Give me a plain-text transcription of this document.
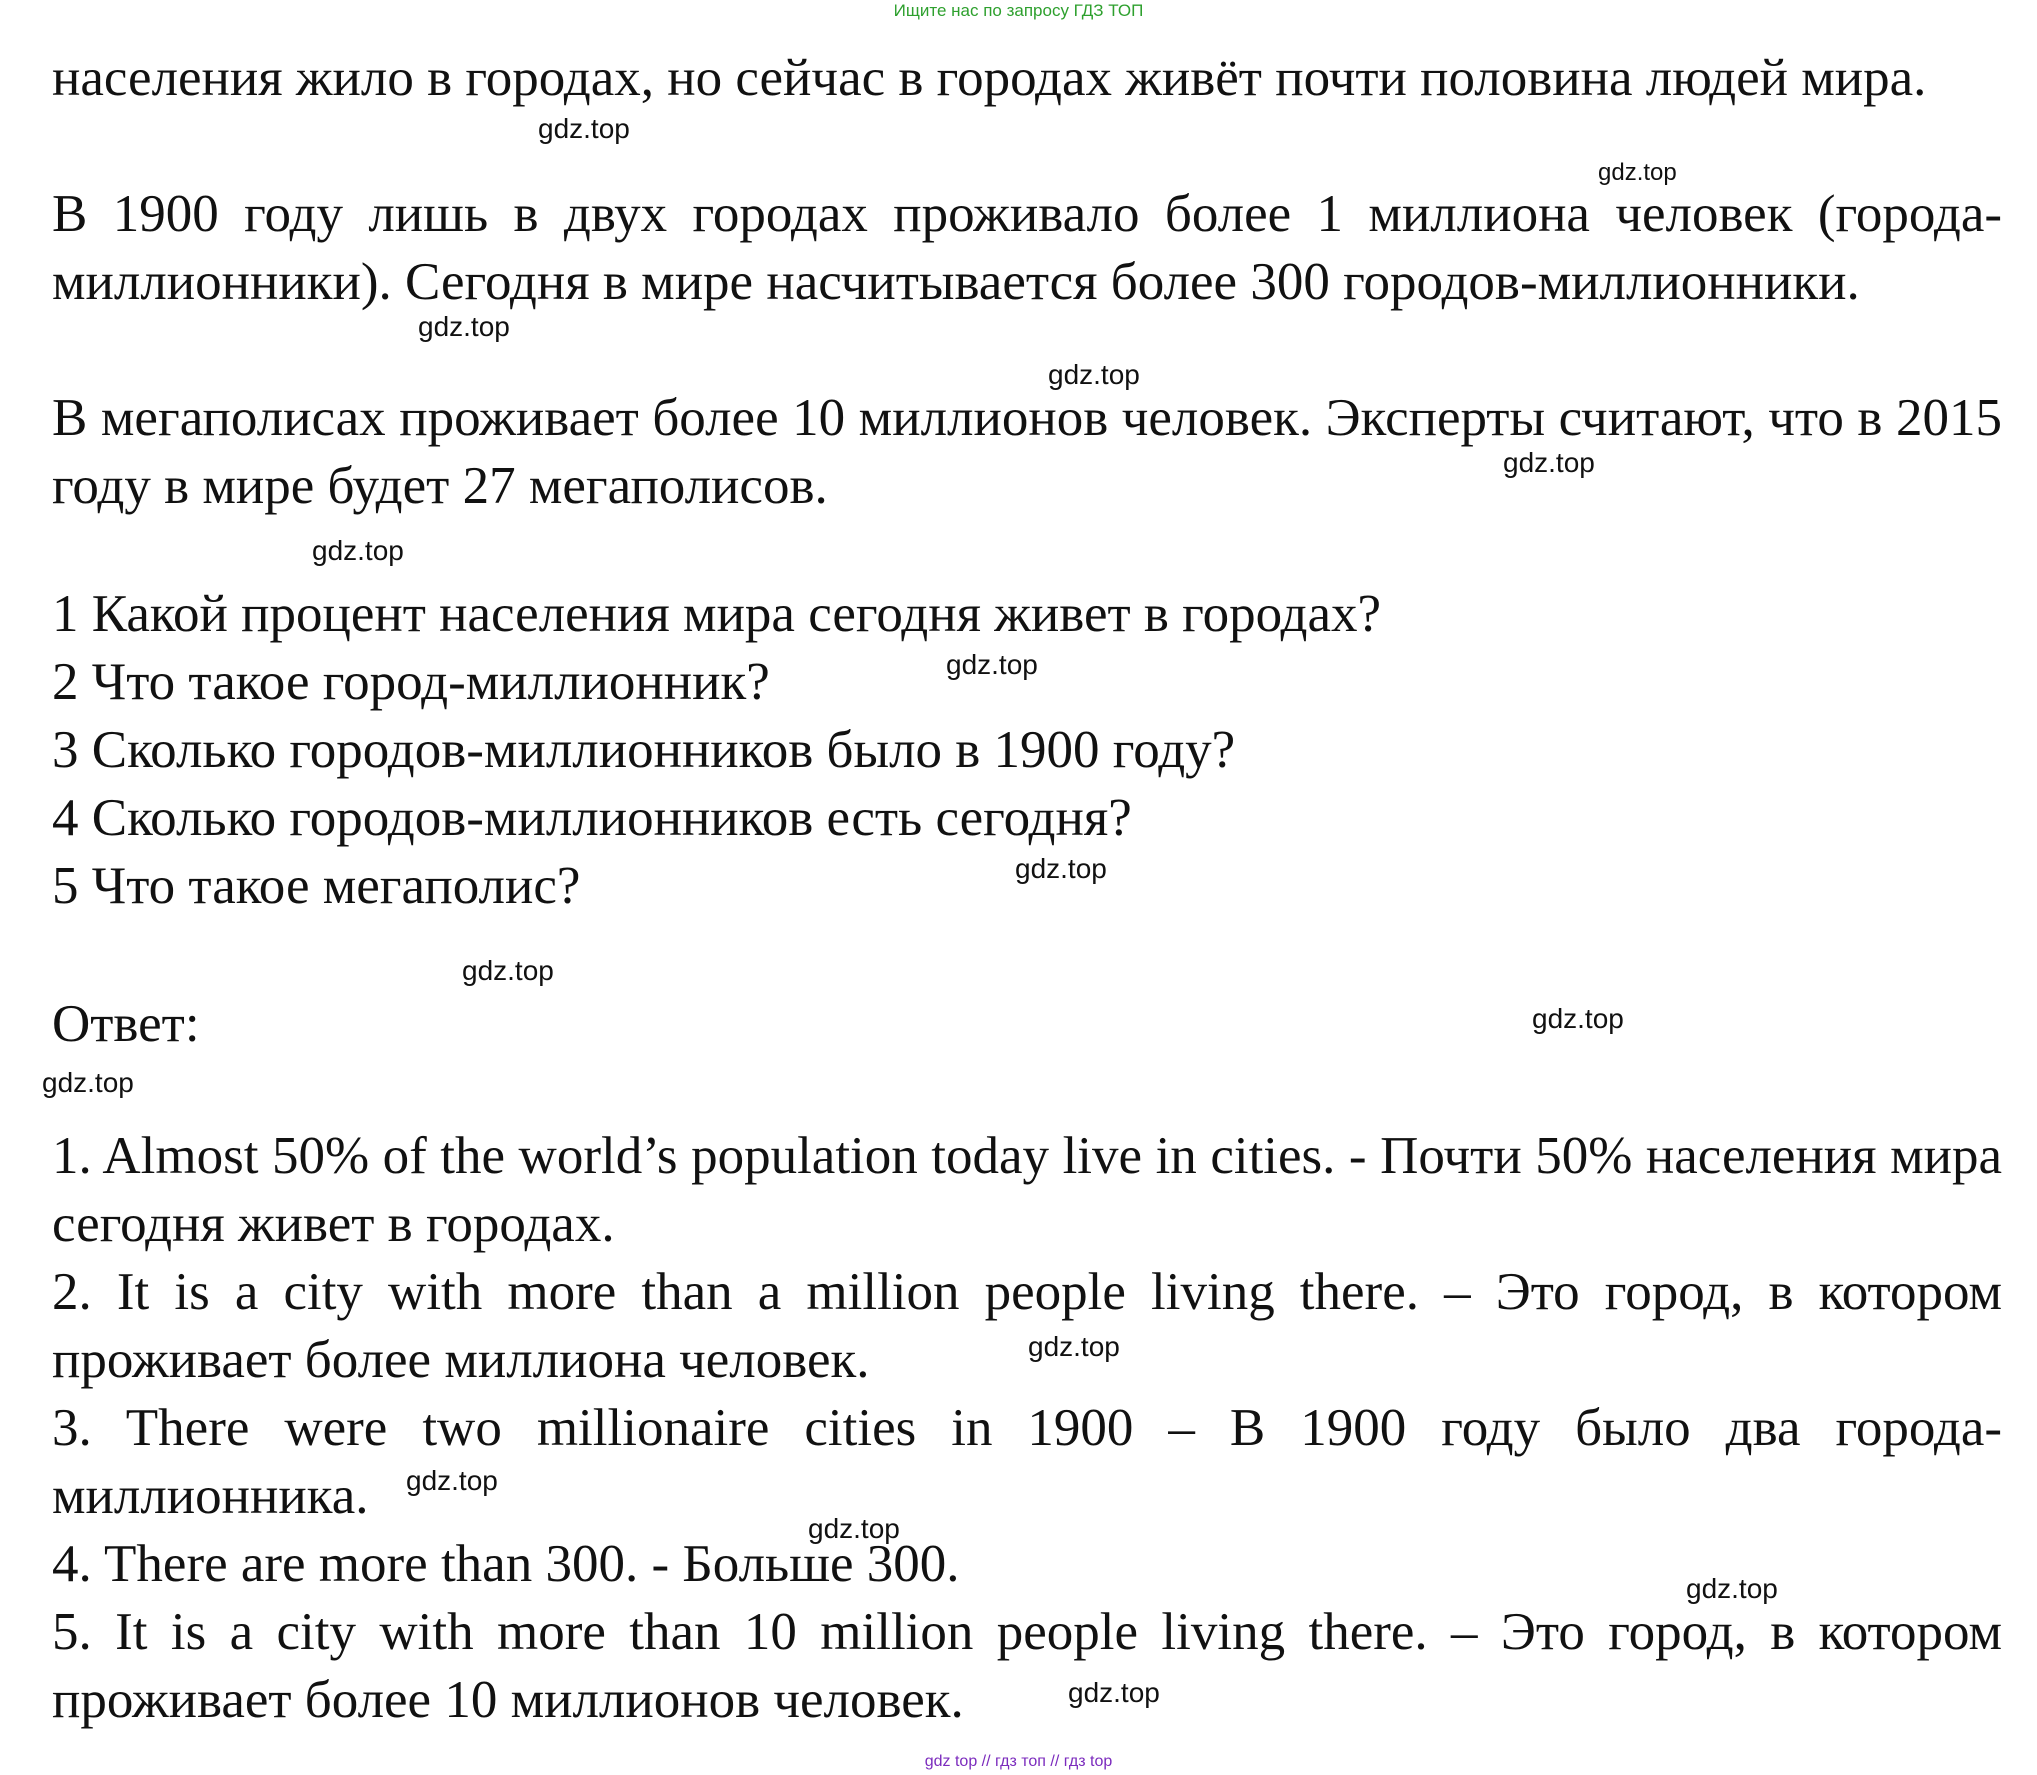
Ищите нас по запросу ГДЗ ТОП

населения жило в городах, но сейчас в городах живёт почти половина людей мира.

В 1900 году лишь в двух городах проживало более 1 миллиона человек (города-миллионники). Сегодня в мире насчитывается более 300 городов-миллионники.

В мегаполисах проживает более 10 миллионов человек. Эксперты считают, что в 2015 году в мире будет 27 мегаполисов.

1 Какой процент населения мира сегодня живет в городах?
2 Что такое город-миллионник?
3 Сколько городов-миллионников было в 1900 году?
4 Сколько городов-миллионников есть сегодня?
5 Что такое мегаполис?
Ответ:

1. Almost 50% of the world’s population today live in cities. - Почти 50% населения мира сегодня живет в городах.

2. It is a city with more than a million people living there. – Это город, в котором проживает более миллиона человек.

3. There were two millionaire cities in 1900 – В 1900 году было два города-миллионника.

4. There are more than 300. - Больше 300.

5. It is a city with more than 10 million people living there. – Это город, в котором проживает более 10 миллионов человек.

gdz.top
gdz.top
gdz.top
gdz.top
gdz.top
gdz.top
gdz.top
gdz.top
gdz.top
gdz.top
gdz.top
gdz.top
gdz.top
gdz.top
gdz.top
gdz.top
gdz top // гдз топ // гдз top
